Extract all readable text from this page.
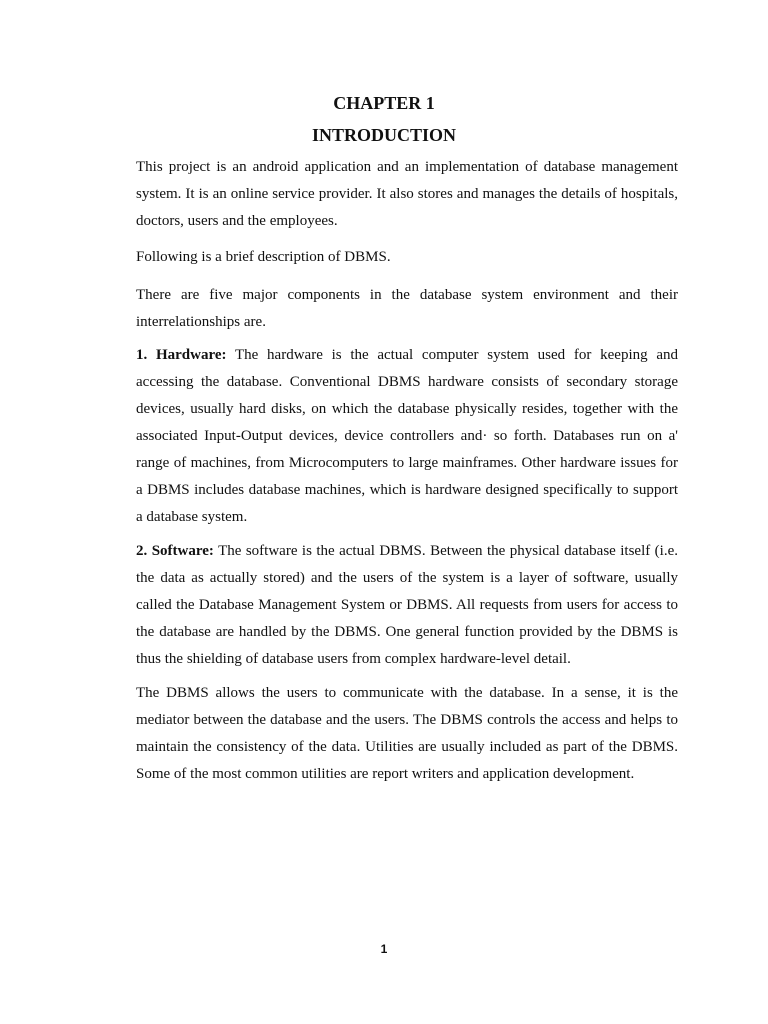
CHAPTER 1
INTRODUCTION

This project is an android application and an implementation of database management system. It is an online service provider. It also stores and manages the details of hospitals, doctors, users and the employees.

Following is a brief description of DBMS.

There are five major components in the database system environment and their interrelationships are.

1. Hardware: The hardware is the actual computer system used for keeping and accessing the database. Conventional DBMS hardware consists of secondary storage devices, usually hard disks, on which the database physically resides, together with the associated Input-Output devices, device controllers and· so forth. Databases run on a' range of machines, from Microcomputers to large mainframes. Other hardware issues for a DBMS includes database machines, which is hardware designed specifically to support a database system.

2. Software: The software is the actual DBMS. Between the physical database itself (i.e. the data as actually stored) and the users of the system is a layer of software, usually called the Database Management System or DBMS. All requests from users for access to the database are handled by the DBMS. One general function provided by the DBMS is thus the shielding of database users from complex hardware-level detail.

The DBMS allows the users to communicate with the database. In a sense, it is the mediator between the database and the users. The DBMS controls the access and helps to maintain the consistency of the data. Utilities are usually included as part of the DBMS. Some of the most common utilities are report writers and application development.

1
